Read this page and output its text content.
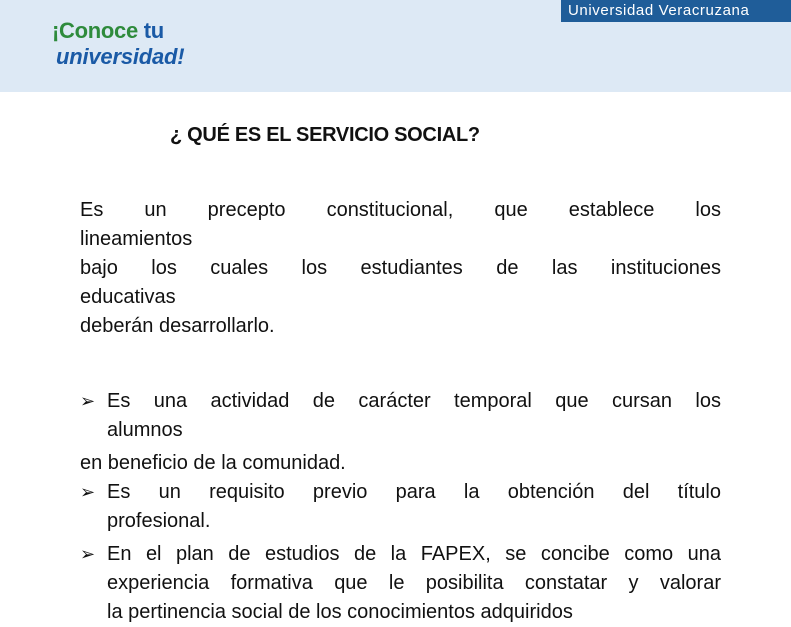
¡Conoce tu
universidad!
Universidad Veracruzana
¿ QUÉ ES EL SERVICIO SOCIAL?
Es un precepto constitucional, que establece los
lineamientos
bajo los cuales los estudiantes de las instituciones
educativas
deberán desarrollarlo.
➢ Es una actividad de carácter temporal que cursan los
alumnos
en beneficio de la comunidad.
➢ Es un requisito previo para la obtención del título
profesional.
➢ En el plan de estudios de la FAPEX, se concibe como una
experiencia formativa que le posibilita constatar y valorar
la pertinencia social de los conocimientos adquiridos
